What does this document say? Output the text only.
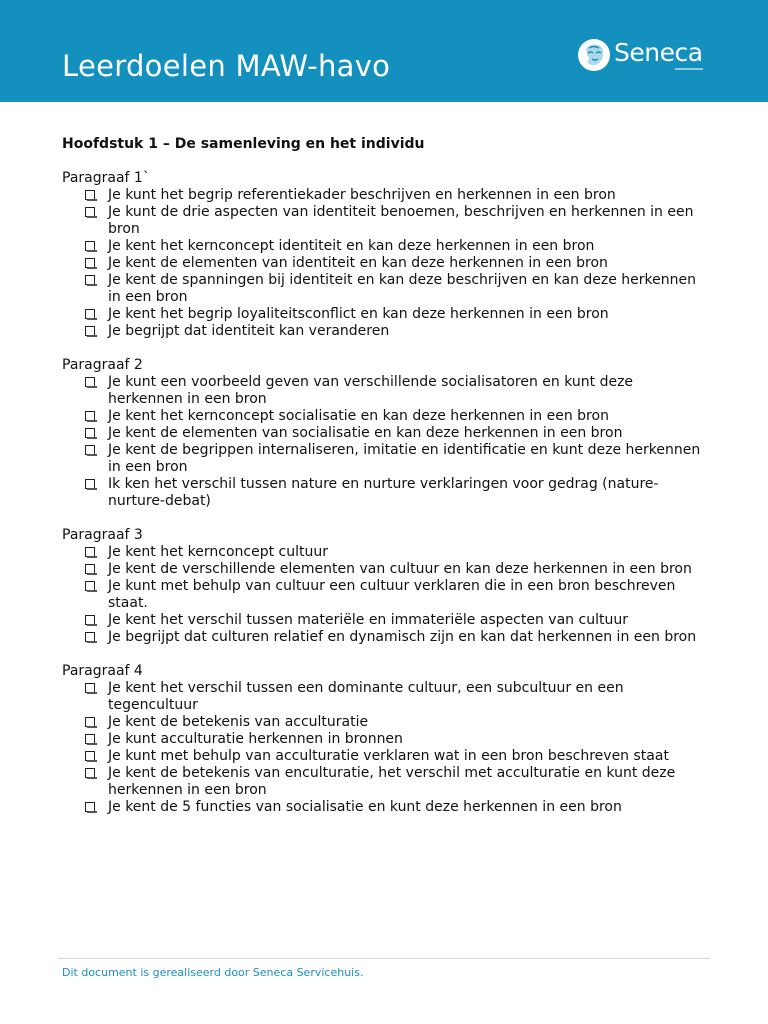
Leerdoelen MAW-havo	Seneca
Hoofdstuk 1 – De samenleving en het individu
Paragraaf 1`
Je kunt het begrip referentiekader beschrijven en herkennen in een bron
Je kunt de drie aspecten van identiteit benoemen, beschrijven en herkennen in een bron
Je kent het kernconcept identiteit en kan deze herkennen in een bron
Je kent de elementen van identiteit en kan deze herkennen in een bron
Je kent de spanningen bij identiteit en kan deze beschrijven en kan deze herkennen in een bron
Je kent het begrip loyaliteitsconflict en kan deze herkennen in een bron
Je begrijpt dat identiteit kan veranderen
Paragraaf 2
Je kunt een voorbeeld geven van verschillende socialisatoren en kunt deze herkennen in een bron
Je kent het kernconcept socialisatie en kan deze herkennen in een bron
Je kent de elementen van socialisatie en kan deze herkennen in een bron
Je kent de begrippen internaliseren, imitatie en identificatie en kunt deze herkennen in een bron
Ik ken het verschil tussen nature en nurture verklaringen voor gedrag (nature-nurture-debat)
Paragraaf 3
Je kent het kernconcept cultuur
Je kent de verschillende elementen van cultuur en kan deze herkennen in een bron
Je kunt met behulp van cultuur een cultuur verklaren die in een bron beschreven staat.
Je kent het verschil tussen materiële en immateriële aspecten van cultuur
Je begrijpt dat culturen relatief en dynamisch zijn en kan dat herkennen in een bron
Paragraaf 4
Je kent het verschil tussen een dominante cultuur, een subcultuur en een tegencultuur
Je kent de betekenis van acculturatie
Je kunt acculturatie herkennen in bronnen
Je kunt met behulp van acculturatie verklaren wat in een bron beschreven staat
Je kent de betekenis van enculturatie, het verschil met acculturatie en kunt deze herkennen in een bron
Je kent de 5 functies van socialisatie en kunt deze herkennen in een bron
Dit document is gerealiseerd door Seneca Servicehuis.
